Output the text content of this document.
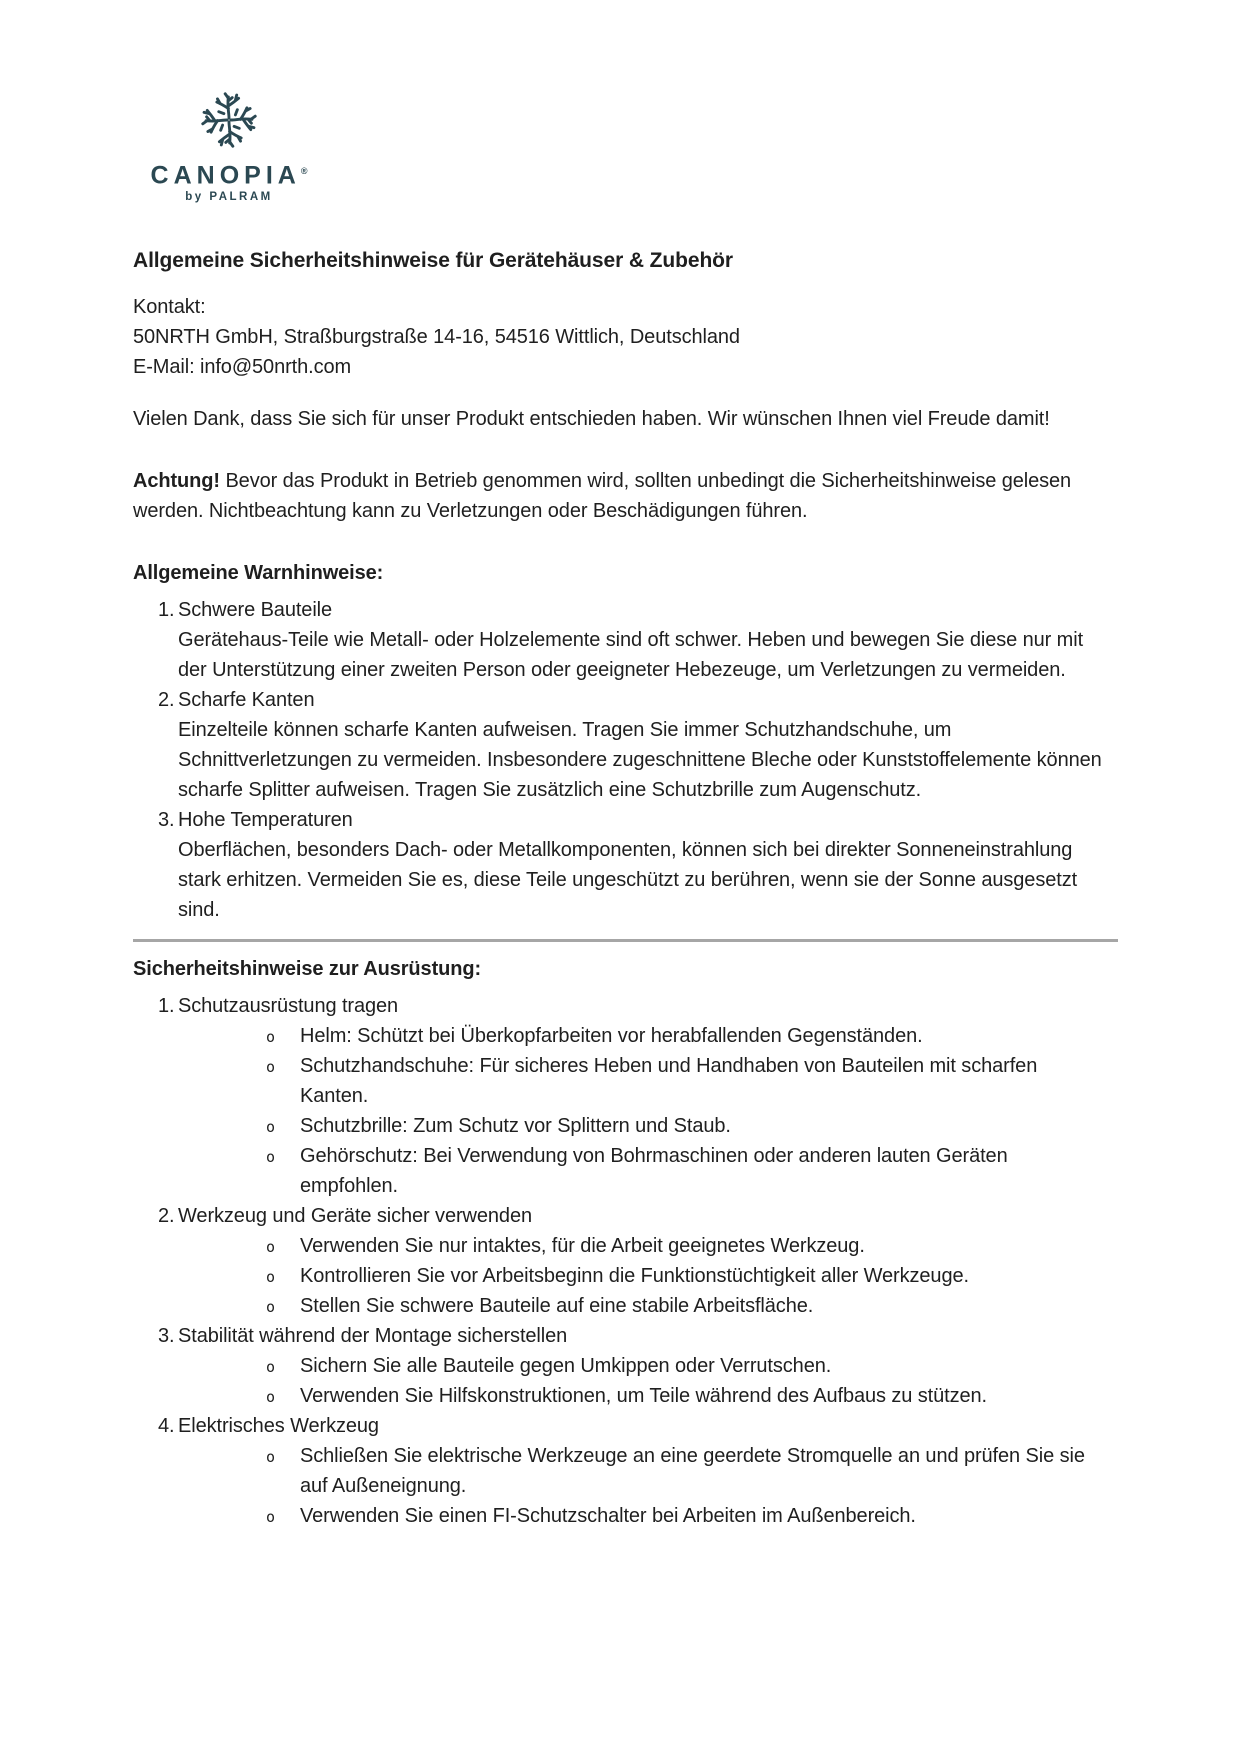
CANOPIA®
by PALRAM
Allgemeine Sicherheitshinweise für Gerätehäuser & Zubehör
Kontakt:
50NRTH GmbH, Straßburgstraße 14-16, 54516 Wittlich, Deutschland
E-Mail: info@50nrth.com

Vielen Dank, dass Sie sich für unser Produkt entschieden haben. Wir wünschen Ihnen viel Freude damit!

Achtung! Bevor das Produkt in Betrieb genommen wird, sollten unbedingt die Sicherheitshinweise gelesen werden. Nichtbeachtung kann zu Verletzungen oder Beschädigungen führen.

Allgemeine Warnhinweise:
1. Schwere Bauteile
Gerätehaus-Teile wie Metall- oder Holzelemente sind oft schwer. Heben und bewegen Sie diese nur mit der Unterstützung einer zweiten Person oder geeigneter Hebezeuge, um Verletzungen zu vermeiden.
2. Scharfe Kanten
Einzelteile können scharfe Kanten aufweisen. Tragen Sie immer Schutzhandschuhe, um Schnittverletzungen zu vermeiden. Insbesondere zugeschnittene Bleche oder Kunststoffelemente können scharfe Splitter aufweisen. Tragen Sie zusätzlich eine Schutzbrille zum Augenschutz.
3. Hohe Temperaturen
Oberflächen, besonders Dach- oder Metallkomponenten, können sich bei direkter Sonneneinstrahlung stark erhitzen. Vermeiden Sie es, diese Teile ungeschützt zu berühren, wenn sie der Sonne ausgesetzt sind.
Sicherheitshinweise zur Ausrüstung:
1. Schutzausrüstung tragen
o Helm: Schützt bei Überkopfarbeiten vor herabfallenden Gegenständen.
o Schutzhandschuhe: Für sicheres Heben und Handhaben von Bauteilen mit scharfen Kanten.
o Schutzbrille: Zum Schutz vor Splittern und Staub.
o Gehörschutz: Bei Verwendung von Bohrmaschinen oder anderen lauten Geräten empfohlen.
2. Werkzeug und Geräte sicher verwenden
o Verwenden Sie nur intaktes, für die Arbeit geeignetes Werkzeug.
o Kontrollieren Sie vor Arbeitsbeginn die Funktionstüchtigkeit aller Werkzeuge.
o Stellen Sie schwere Bauteile auf eine stabile Arbeitsfläche.
3. Stabilität während der Montage sicherstellen
o Sichern Sie alle Bauteile gegen Umkippen oder Verrutschen.
o Verwenden Sie Hilfskonstruktionen, um Teile während des Aufbaus zu stützen.
4. Elektrisches Werkzeug
o Schließen Sie elektrische Werkzeuge an eine geerdete Stromquelle an und prüfen Sie sie auf Außeneignung.
o Verwenden Sie einen FI-Schutzschalter bei Arbeiten im Außenbereich.
